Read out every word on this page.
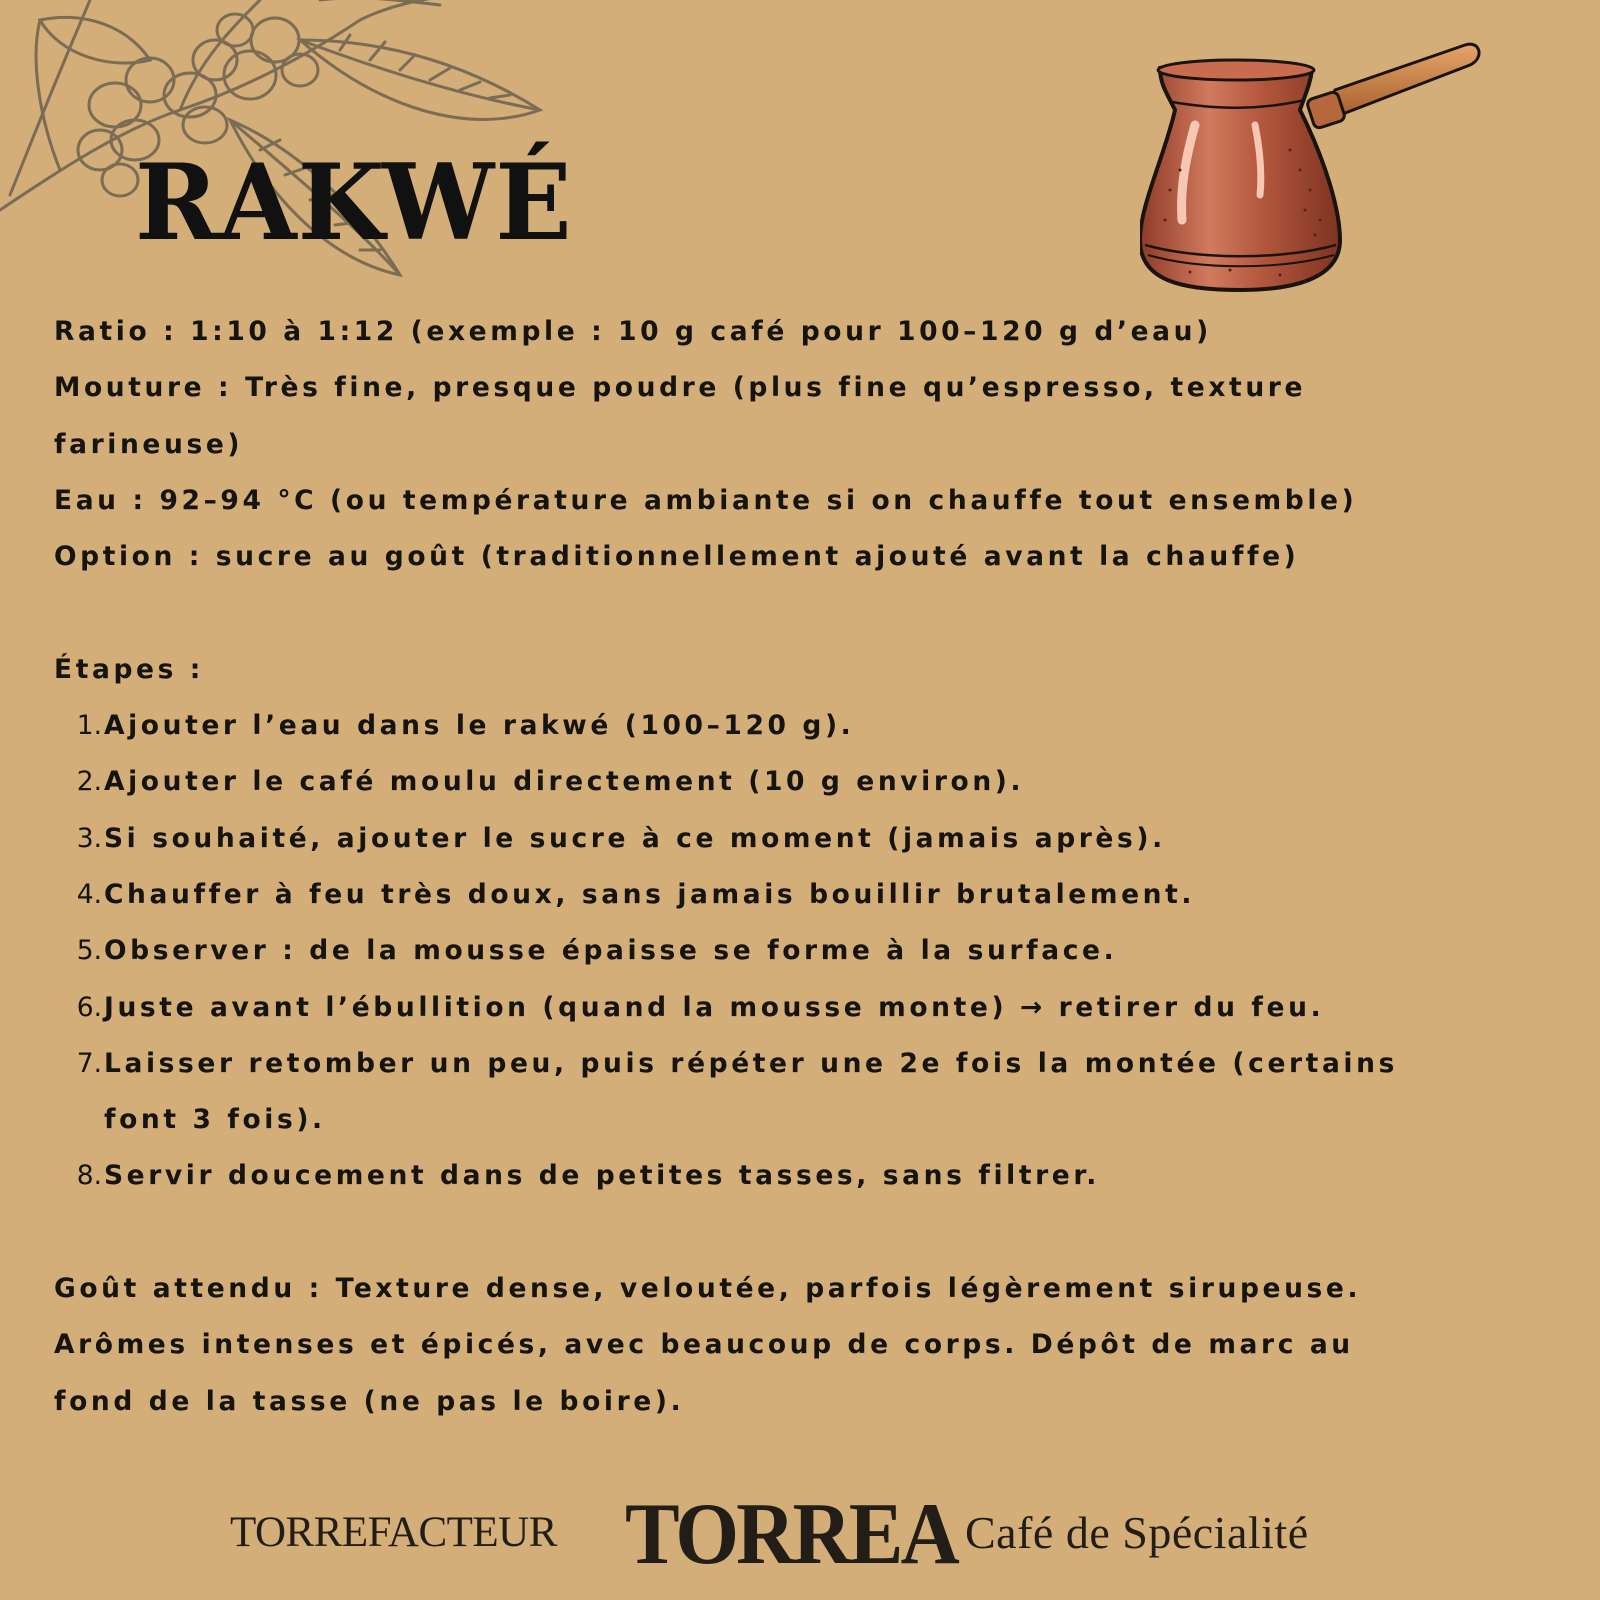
RAKWÉ

Ratio : 1:10 à 1:12 (exemple : 10 g café pour 100–120 g d’eau)

Mouture : Très fine, presque poudre (plus fine qu’espresso, texture

farineuse)

Eau : 92–94 °C (ou température ambiante si on chauffe tout ensemble)

Option : sucre au goût (traditionnellement ajouté avant la chauffe)

Étapes :

1. Ajouter l’eau dans le rakwé (100–120 g).
2. Ajouter le café moulu directement (10 g environ).
3. Si souhaité, ajouter le sucre à ce moment (jamais après).
4. Chauffer à feu très doux, sans jamais bouillir brutalement.
5. Observer : de la mousse épaisse se forme à la surface.
6. Juste avant l’ébullition (quand la mousse monte) → retirer du feu.
7. Laisser retomber un peu, puis répéter une 2e fois la montée (certains
font 3 fois).
8. Servir doucement dans de petites tasses, sans filtrer.

Goût attendu : Texture dense, veloutée, parfois légèrement sirupeuse.

Arômes intenses et épicés, avec beaucoup de corps. Dépôt de marc au

fond de la tasse (ne pas le boire).

TORREFACTEUR TORREA Café de Spécialité
